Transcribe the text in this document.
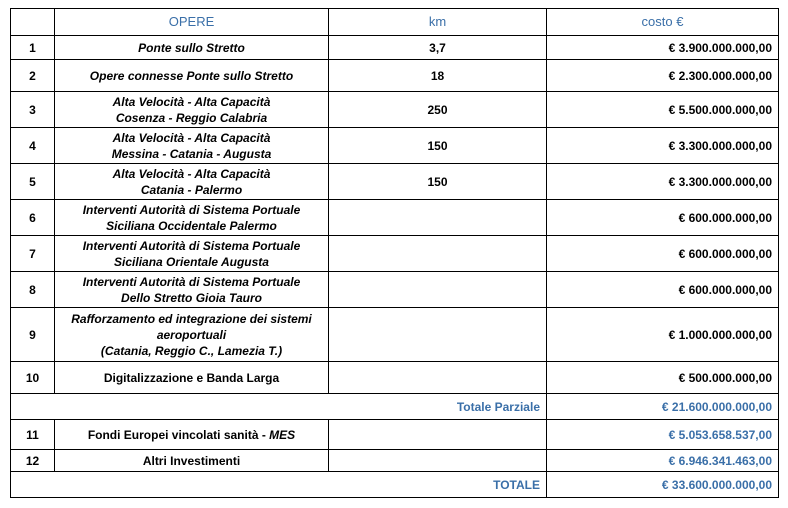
	OPERE	km	costo €
1	Ponte sullo Stretto	3,7	€ 3.900.000.000,00
2	Opere connesse Ponte sullo Stretto	18	€ 2.300.000.000,00
3	Alta Velocità - Alta Capacità
Cosenza - Reggio Calabria	250	€ 5.500.000.000,00
4	Alta Velocità - Alta Capacità
Messina - Catania - Augusta	150	€ 3.300.000.000,00
5	Alta Velocità - Alta Capacità
Catania - Palermo	150	€ 3.300.000.000,00
6	Interventi Autorità di Sistema Portuale
Siciliana Occidentale Palermo		€ 600.000.000,00
7	Interventi Autorità di Sistema Portuale
Siciliana Orientale Augusta		€ 600.000.000,00
8	Interventi Autorità di Sistema Portuale
Dello Stretto Gioia Tauro		€ 600.000.000,00
9	Rafforzamento ed integrazione dei sistemi
aeroportuali
(Catania, Reggio C., Lamezia T.)		€ 1.000.000.000,00
10	Digitalizzazione e Banda Larga		€ 500.000.000,00
Totale Parziale			€ 21.600.000.000,00
11	Fondi Europei vincolati sanità - MES		€ 5.053.658.537,00
12	Altri Investimenti		€ 6.946.341.463,00
TOTALE			€ 33.600.000.000,00
